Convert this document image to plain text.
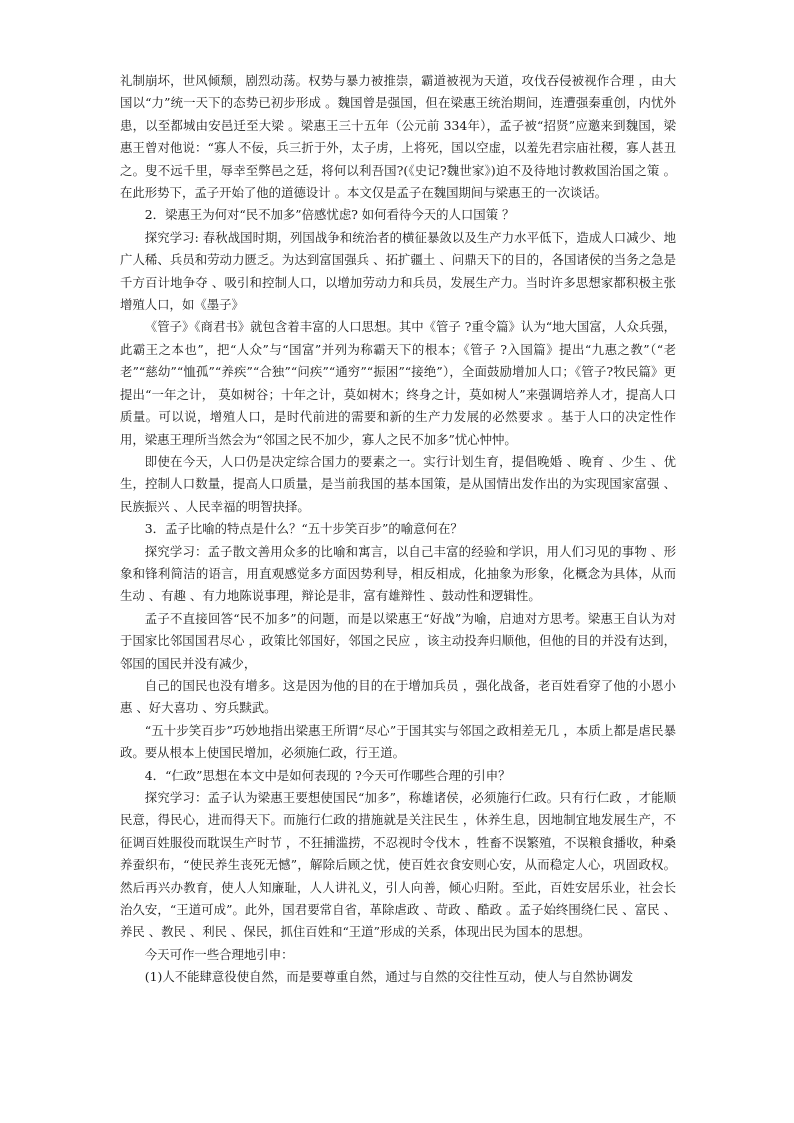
礼制崩坏，世风倾颓，剧烈动荡。权势与暴力被推崇，霸道被视为天道，攻伐吞侵被视作合理 ，由大国以“力”统一天下的态势已初步形成 。魏国曾是强国，但在梁惠王统治期间，连遭强秦重创，内忧外患，以至都城由安邑迁至大梁 。梁惠王三十五年（公元前 334年），孟子被“招贤”应邀来到魏国，梁惠王曾对他说：“寡人不佞，兵三折于外，太子虏，上将死，国以空虚，以羞先君宗庙社稷，寡人甚丑之。叟不远千里，辱幸至弊邑之廷，将何以利吾国?(《史记?魏世家》)迫不及待地讨教救国治国之策 。在此形势下，孟子开始了他的道德设计 。本文仅是孟子在魏国期间与梁惠王的一次谈话。

2．梁惠王为何对“民不加多”倍感忧虑? 如何看待今天的人口国策 ？

探究学习: 春秋战国时期，列国战争和统治者的横征暴敛以及生产力水平低下，造成人口减少、地广人稀、兵员和劳动力匮乏。为达到富国强兵 、拓扩疆土 、问鼎天下的目的，各国诸侯的当务之急是千方百计地争夺 、吸引和控制人口，以增加劳动力和兵员，发展生产力。当时许多思想家都积极主张增殖人口，如《墨子》

《管子》《商君书》就包含着丰富的人口思想。其中《管子 ?重令篇》认为“地大国富，人众兵强，此霸王之本也”，把“人众”与“国富”并列为称霸天下的根本；《管子 ?入国篇》提出“九惠之教”（“老老”“慈幼”“恤孤”“养疾”“合独”“问疾”“通穷”“振困”“接绝”），全面鼓励增加人口；《管子?牧民篇》更提出“一年之计， 莫如树谷；十年之计，莫如树木；终身之计，莫如树人”来强调培养人才，提高人口质量。可以说，增殖人口，是时代前进的需要和新的生产力发展的必然要求 。基于人口的决定性作用，梁惠王理所当然会为“邻国之民不加少，寡人之民不加多”忧心忡忡。

即使在今天，人口仍是决定综合国力的要素之一。实行计划生育，提倡晚婚 、晚育 、少生 、优生，控制人口数量，提高人口质量，是当前我国的基本国策，是从国情出发作出的为实现国家富强 、民族振兴 、人民幸福的明智抉择。

3．孟子比喻的特点是什么？“五十步笑百步”的喻意何在？

探究学习：孟子散文善用众多的比喻和寓言，以自己丰富的经验和学识，用人们习见的事物 、形象和锋利简洁的语言，用直观感觉多方面因势利导，相反相成，化抽象为形象，化概念为具体，从而生动 、有趣 、有力地陈说事理，辩论是非，富有雄辩性 、鼓动性和逻辑性。

孟子不直接回答“民不加多”的问题，而是以梁惠王“好战”为喻，启迪对方思考。梁惠王自认为对于国家比邻国国君尽心 ，政策比邻国好，邻国之民应 ，该主动投奔归顺他，但他的目的并没有达到，邻国的国民并没有减少，

自己的国民也没有增多。这是因为他的目的在于增加兵员 ，强化战备，老百姓看穿了他的小恩小惠 、好大喜功 、穷兵黩武。

“五十步笑百步”巧妙地指出梁惠王所谓“尽心”于国其实与邻国之政相差无几 ，本质上都是虐民暴政。要从根本上使国民增加，必须施仁政，行王道。

4．“仁政”思想在本文中是如何表现的 ?今天可作哪些合理的引申？

探究学习：孟子认为梁惠王要想使国民“加多”，称雄诸侯，必须施行仁政。只有行仁政 ，才能顺民意，得民心，进而得天下。而施行仁政的措施就是关注民生 ，休养生息，因地制宜地发展生产，不征调百姓服役而耽误生产时节 ，不狂捕滥捞，不忍视时令伐木 ，牲畜不误繁殖，不误粮食播收，种桑养蚕织布，“使民养生丧死无憾”，解除后顾之忧，使百姓衣食安则心安，从而稳定人心，巩固政权。然后再兴办教育，使人人知廉耻，人人讲礼义，引人向善，倾心归附。至此，百姓安居乐业，社会长治久安，“王道可成”。此外，国君要常自省，革除虐政 、苛政 、酷政 。孟子始终围绕仁民 、富民 、养民 、教民 、利民 、保民，抓住百姓和“王道”形成的关系，体现出民为国本的思想。

今天可作一些合理地引申：

(1)人不能肆意役使自然，而是要尊重自然，通过与自然的交往性互动，使人与自然协调发
